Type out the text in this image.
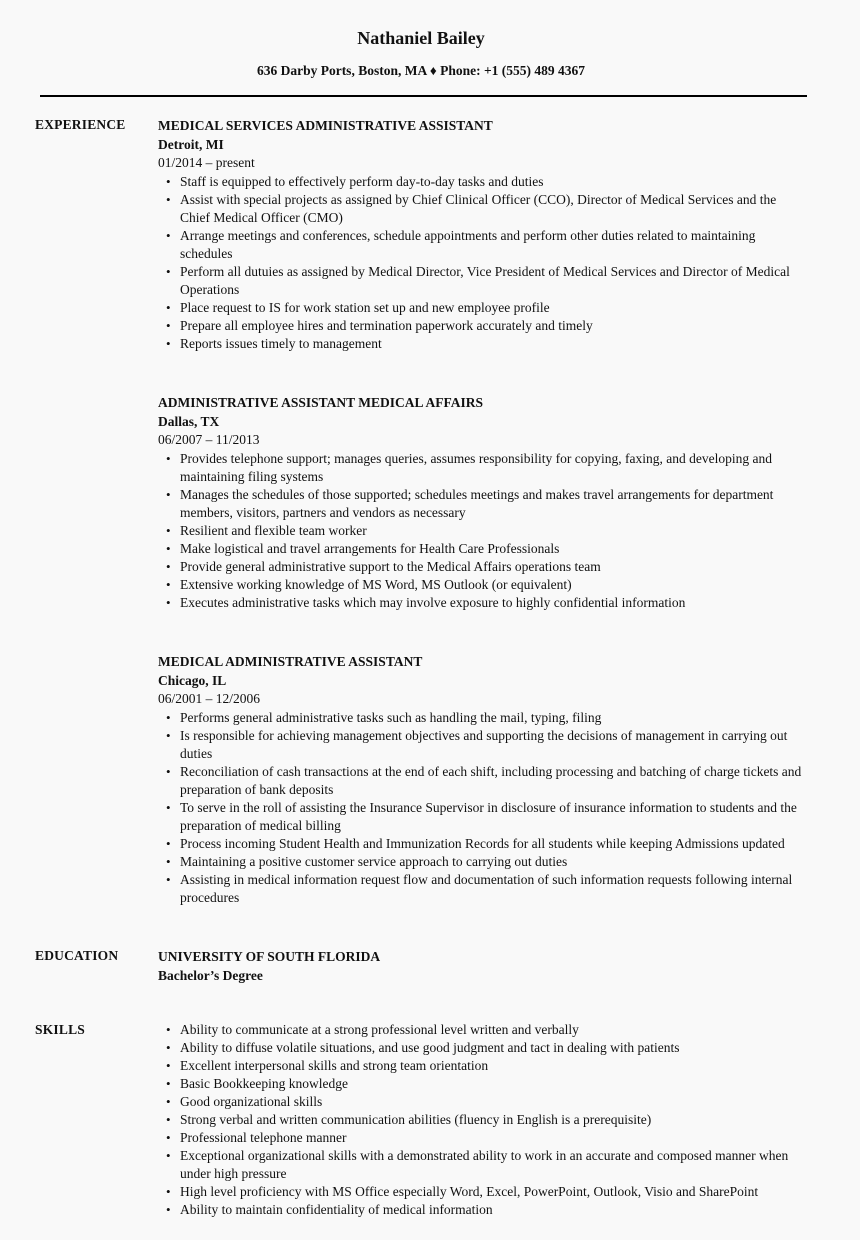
Nathaniel Bailey
636 Darby Ports, Boston, MA ♦ Phone: +1 (555) 489 4367
EXPERIENCE	MEDICAL SERVICES ADMINISTRATIVE ASSISTANT
Detroit, MI
01/2014 – present
• Staff is equipped to effectively perform day-to-day tasks and duties
• Assist with special projects as assigned by Chief Clinical Officer (CCO), Director of Medical Services and the Chief Medical Officer (CMO)
• Arrange meetings and conferences, schedule appointments and perform other duties related to maintaining schedules
• Perform all dutuies as assigned by Medical Director, Vice President of Medical Services and Director of Medical Operations
• Place request to IS for work station set up and new employee profile
• Prepare all employee hires and termination paperwork accurately and timely
• Reports issues timely to management
ADMINISTRATIVE ASSISTANT MEDICAL AFFAIRS
Dallas, TX
06/2007 – 11/2013
• Provides telephone support; manages queries, assumes responsibility for copying, faxing, and developing and maintaining filing systems
• Manages the schedules of those supported; schedules meetings and makes travel arrangements for department members, visitors, partners and vendors as necessary
• Resilient and flexible team worker
• Make logistical and travel arrangements for Health Care Professionals
• Provide general administrative support to the Medical Affairs operations team
• Extensive working knowledge of MS Word, MS Outlook (or equivalent)
• Executes administrative tasks which may involve exposure to highly confidential information
MEDICAL ADMINISTRATIVE ASSISTANT
Chicago, IL
06/2001 – 12/2006
• Performs general administrative tasks such as handling the mail, typing, filing
• Is responsible for achieving management objectives and supporting the decisions of management in carrying out duties
• Reconciliation of cash transactions at the end of each shift, including processing and batching of charge tickets and preparation of bank deposits
• To serve in the roll of assisting the Insurance Supervisor in disclosure of insurance information to students and the preparation of medical billing
• Process incoming Student Health and Immunization Records for all students while keeping Admissions updated
• Maintaining a positive customer service approach to carrying out duties
• Assisting in medical information request flow and documentation of such information requests following internal procedures
EDUCATION	UNIVERSITY OF SOUTH FLORIDA
Bachelor’s Degree
SKILLS	• Ability to communicate at a strong professional level written and verbally
• Ability to diffuse volatile situations, and use good judgment and tact in dealing with patients
• Excellent interpersonal skills and strong team orientation
• Basic Bookkeeping knowledge
• Good organizational skills
• Strong verbal and written communication abilities (fluency in English is a prerequisite)
• Professional telephone manner
• Exceptional organizational skills with a demonstrated ability to work in an accurate and composed manner when under high pressure
• High level proficiency with MS Office especially Word, Excel, PowerPoint, Outlook, Visio and SharePoint
• Ability to maintain confidentiality of medical information
